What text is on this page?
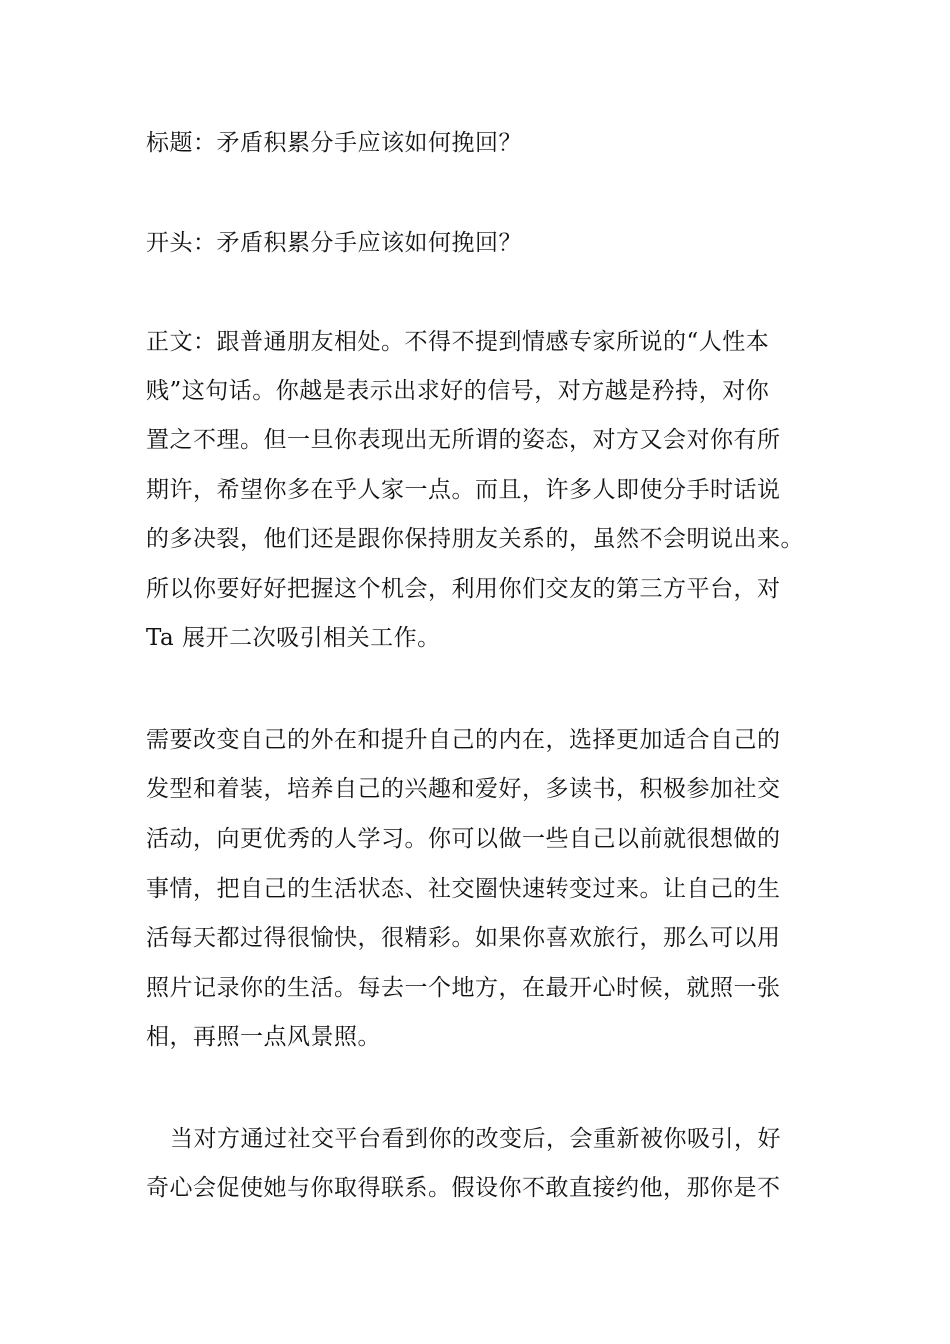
标题：矛盾积累分手应该如何挽回？
开头：矛盾积累分手应该如何挽回？
正文：跟普通朋友相处。不得不提到情感专家所说的“人性本
贱”这句话。你越是表示出求好的信号，对方越是矜持，对你
置之不理。但一旦你表现出无所谓的姿态，对方又会对你有所
期许，希望你多在乎人家一点。而且，许多人即使分手时话说
的多决裂，他们还是跟你保持朋友关系的，虽然不会明说出来。
所以你要好好把握这个机会，利用你们交友的第三方平台，对
Ta 展开二次吸引相关工作。
需要改变自己的外在和提升自己的内在，选择更加适合自己的
发型和着装，培养自己的兴趣和爱好，多读书，积极参加社交
活动，向更优秀的人学习。你可以做一些自己以前就很想做的
事情，把自己的生活状态、社交圈快速转变过来。让自己的生
活每天都过得很愉快，很精彩。如果你喜欢旅行，那么可以用
照片记录你的生活。每去一个地方，在最开心时候，就照一张
相，再照一点风景照。
当对方通过社交平台看到你的改变后，会重新被你吸引，好
奇心会促使她与你取得联系。假设你不敢直接约他，那你是不
